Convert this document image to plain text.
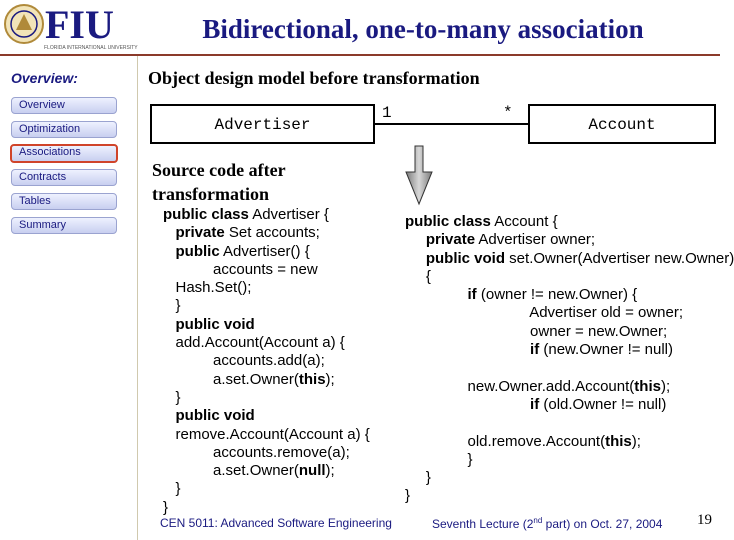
FIU
FLORIDA INTERNATIONAL UNIVERSITY
Bidirectional, one-to-many association
Overview:
Overview
Optimization
Associations
Contracts
Tables
Summary
Object design model before transformation
Advertiser	Account
1	*
Source code after transformation
public class Advertiser {
private Set accounts;
public Advertiser() {
accounts = new
Hash.Set();
}
public void
add.Account(Account a) {
accounts.add(a);
a.set.Owner(this);
}
public void
remove.Account(Account a) {
accounts.remove(a);
a.set.Owner(null);
}
}
public class Account {
private Advertiser owner;
public void set.Owner(Advertiser new.Owner)
{
if (owner != new.Owner) {
Advertiser old = owner;
owner = new.Owner;
if (new.Owner != null)

new.Owner.add.Account(this);
if (old.Owner != null)

old.remove.Account(this);
}
}
}
CEN 5011: Advanced Software Engineering	Seventh Lecture (2nd part) on Oct. 27, 2004 19
